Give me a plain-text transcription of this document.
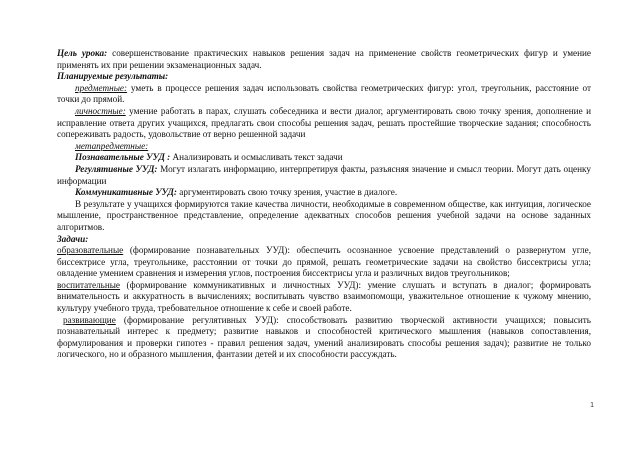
Цель урока: совершенствование практических навыков решения задач на применение свойств геометрических фигур и умение применять их при решении экзаменационных задач.

Планируемые результаты:

предметные: уметь в процессе решения задач использовать свойства геометрических фигур: угол, треугольник, расстояние от точки до прямой.

личностные: умение работать в парах, слушать собеседника и вести диалог, аргументировать свою точку зрения, дополнение и исправление ответа других учащихся, предлагать свои способы решения задач, решать простейшие творческие задания; способность сопереживать радость, удовольствие от верно решенной задачи

метапредметные:

Познавательные УУД : Анализировать и осмысливать текст задачи

Регулятивные УУД: Могут излагать информацию, интерпретируя факты, разъясняя значение и смысл теории. Могут дать оценку информации

Коммуникативные УУД: аргументировать свою точку зрения, участие в диалоге.

В результате у учащихся формируются такие качества личности, необходимые в современном обществе, как интуиция, логическое мышление, пространственное представление, определение адекватных способов решения учебной задачи на основе заданных алгоритмов.

Задачи:

образовательные (формирование познавательных УУД): обеспечить осознанное усвоение представлений о развернутом угле, биссектрисе угла, треугольнике, расстоянии от точки до прямой, решать геометрические задачи на свойство биссектрисы угла; овладение умением сравнения и измерения углов, построения биссектрисы угла и различных видов треугольников;

воспитательные (формирование коммуникативных и личностных УУД): умение слушать и вступать в диалог; формировать внимательность и аккуратность в вычислениях; воспитывать чувство взаимопомощи, уважительное отношение к чужому мнению, культуру учебного труда, требовательное отношение к себе и своей работе.

развивающие (формирование регулятивных УУД): способствовать развитию творческой активности учащихся; повысить познавательный интерес к предмету; развитие навыков и способностей критического мышления (навыков сопоставления, формулирования и проверки гипотез - правил решения задач, умений анализировать способы решения задач); развитие не только логического, но и образного мышления, фантазии детей и их способности рассуждать.

1
